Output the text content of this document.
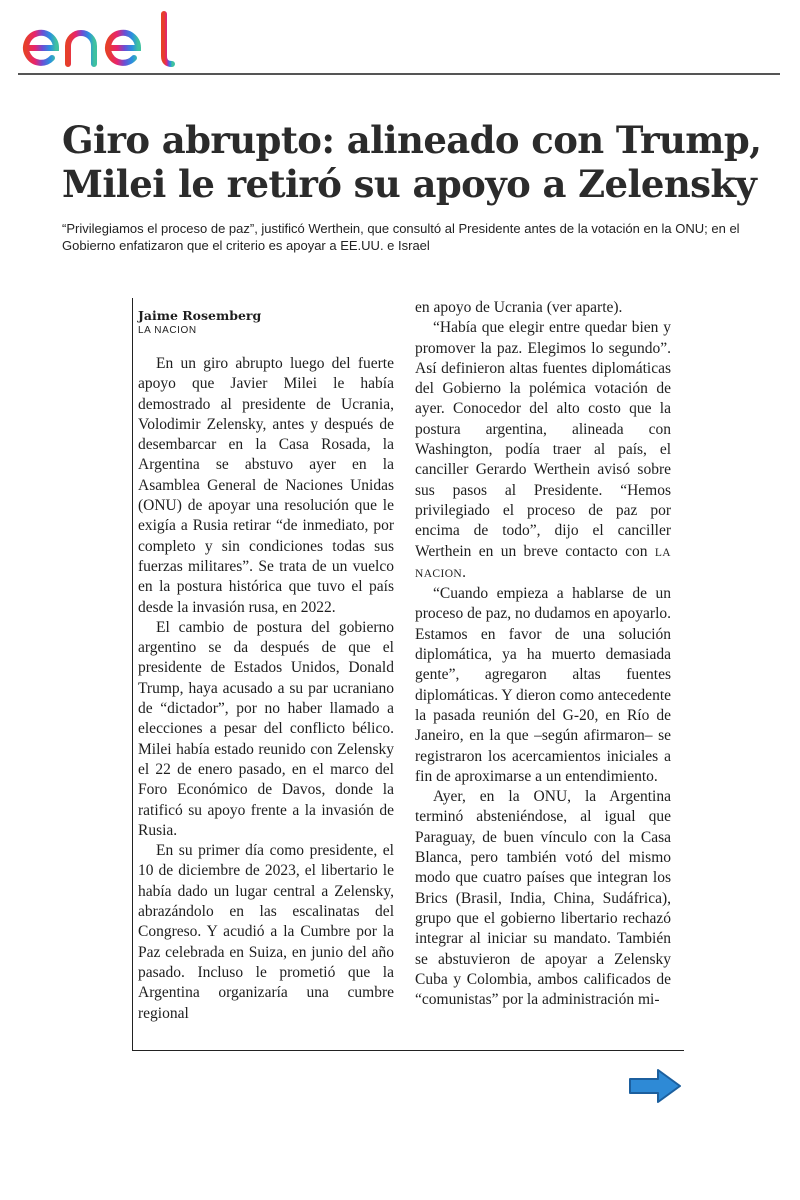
Giro abrupto: alineado con Trump,
Milei le retiró su apoyo a Zelensky
“Privilegiamos el proceso de paz”, justificó Werthein, que consultó al Presidente antes de la votación en la ONU; en el Gobierno enfatizaron que el criterio es apoyar a EE.UU. e Israel
Jaime Rosemberg
LA NACION

En un giro abrupto luego del fuerte apoyo que Javier Milei le había demostrado al presidente de Ucrania, Volodimir Zelensky, antes y después de desembarcar en la Casa Rosada, la Argentina se abstuvo ayer en la Asamblea General de Naciones Unidas (ONU) de apoyar una resolución que le exigía a Rusia retirar “de inmediato, por completo y sin condiciones todas sus fuerzas militares”. Se trata de un vuelco en la postura histórica que tuvo el país desde la invasión rusa, en 2022.

El cambio de postura del gobierno argentino se da después de que el presidente de Estados Unidos, Donald Trump, haya acusado a su par ucraniano de “dictador”, por no haber llamado a elecciones a pesar del conflicto bélico. Milei había estado reunido con Zelensky el 22 de enero pasado, en el marco del Foro Económico de Davos, donde la ratificó su apoyo frente a la invasión de Rusia.

En su primer día como presidente, el 10 de diciembre de 2023, el libertario le había dado un lugar central a Zelensky, abrazándolo en las escalinatas del Congreso. Y acudió a la Cumbre por la Paz celebrada en Suiza, en junio del año pasado. Incluso le prometió que la Argentina organizaría una cumbre regional

en apoyo de Ucrania (ver aparte).

“Había que elegir entre quedar bien y promover la paz. Elegimos lo segundo”. Así definieron altas fuentes diplomáticas del Gobierno la polémica votación de ayer. Conocedor del alto costo que la postura argentina, alineada con Washington, podía traer al país, el canciller Gerardo Werthein avisó sobre sus pasos al Presidente. “Hemos privilegiado el proceso de paz por encima de todo”, dijo el canciller Werthein en un breve contacto con LA NACION.

“Cuando empieza a hablarse de un proceso de paz, no dudamos en apoyarlo. Estamos en favor de una solución diplomática, ya ha muerto demasiada gente”, agregaron altas fuentes diplomáticas. Y dieron como antecedente la pasada reunión del G-20, en Río de Janeiro, en la que –según afirmaron– se registraron los acercamientos iniciales a fin de aproximarse a un entendimiento.

Ayer, en la ONU, la Argentina terminó absteniéndose, al igual que Paraguay, de buen vínculo con la Casa Blanca, pero también votó del mismo modo que cuatro países que integran los Brics (Brasil, India, China, Sudáfrica), grupo que el gobierno libertario rechazó integrar al iniciar su mandato. También se abstuvieron de apoyar a Zelensky Cuba y Colombia, ambos calificados de “comunistas” por la administración mi-
